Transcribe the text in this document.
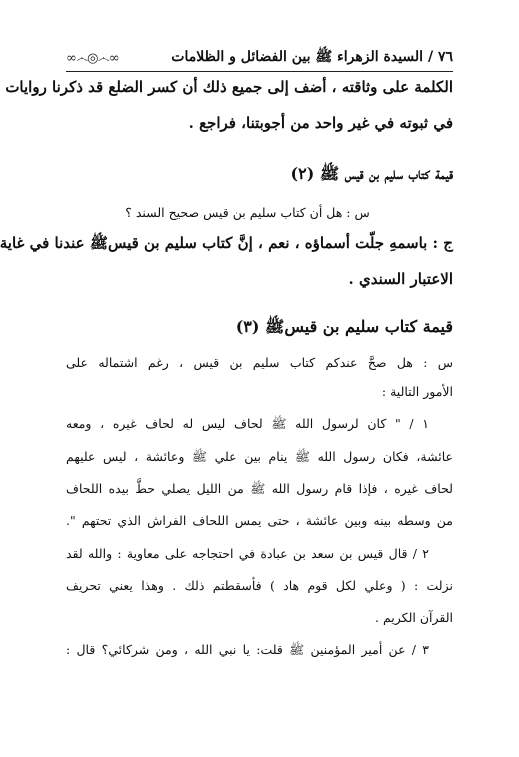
٧٦ / السيدة الزهراء ﷺ بين الفضائل و الظلامات
∞෴◎෴∞
الكلمة على وثاقته ، أضف إلى جميع ذلك أن كسر الضلع قد ذكرنا روايات
في ثبوته في غير واحد من أجوبتنا، فراجع .
قيمة كتاب سليم بن قيس ﷺ (٢)
س : هل أن كتاب سليم بن قيس صحيح السند ؟
ج : باسمهِ جلّت أسماؤه ، نعم ، إنَّ كتاب سليم بن قيسﷺ عندنا في غاية
الاعتبار السندي .
قيمة كتاب سليم بن قيسﷺ (٣)
س : هل صحَّ عندكم كتاب سليم بن قيس ، رغم اشتماله على
الأمور التالية :
١ / " كان لرسول الله ﷺ لحاف ليس له لحاف غيره ، ومعه
عائشة، فكان رسول الله ﷺ ينام بين علي ﷺ وعائشة ، ليس عليهم
لحاف غيره ، فإذا قام رسول الله ﷺ من الليل يصلي حطَّ بيده اللحاف
من وسطه بينه وبين عائشة ، حتى يمس اللحاف الفراش الذي تحتهم ".
٢ / قال قيس بن سعد بن عبادة في احتجاجه على معاوية : والله لقد
نزلت : ( وعلي لكل قوم هاد ) فأسقطتم ذلك . وهذا يعني تحريف
القرآن الكريم .
٣ / عن أمير المؤمنين ﷺ قلت: يا نبي الله ، ومن شركائي؟ قال :
